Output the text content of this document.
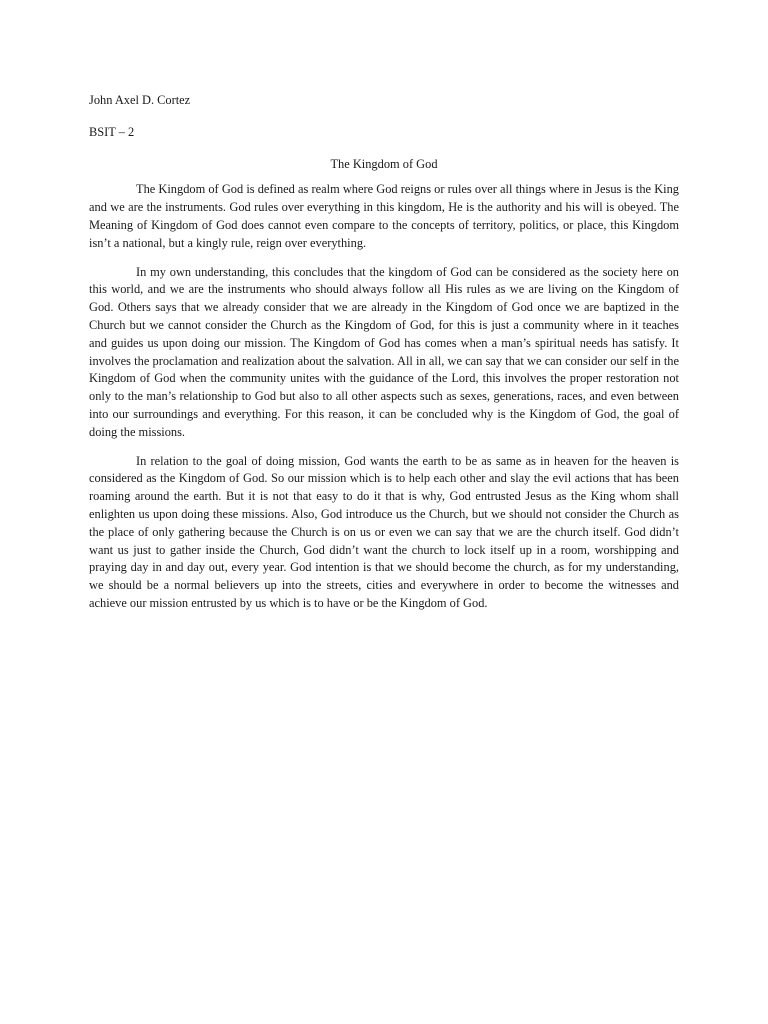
John Axel D. Cortez

BSIT – 2

The Kingdom of God

The Kingdom of God is defined as realm where God reigns or rules over all things where in Jesus is the King and we are the instruments. God rules over everything in this kingdom, He is the authority and his will is obeyed. The Meaning of Kingdom of God does cannot even compare to the concepts of territory, politics, or place, this Kingdom isn’t a national, but a kingly rule, reign over everything.

In my own understanding, this concludes that the kingdom of God can be considered as the society here on this world, and we are the instruments who should always follow all His rules as we are living on the Kingdom of God. Others says that we already consider that we are already in the Kingdom of God once we are baptized in the Church but we cannot consider the Church as the Kingdom of God, for this is just a community where in it teaches and guides us upon doing our mission. The Kingdom of God has comes when a man’s spiritual needs has satisfy. It involves the proclamation and realization about the salvation. All in all, we can say that we can consider our self in the Kingdom of God when the community unites with the guidance of the Lord, this involves the proper restoration not only to the man’s relationship to God but also to all other aspects such as sexes, generations, races, and even between into our surroundings and everything. For this reason, it can be concluded why is the Kingdom of God, the goal of doing the missions.

In relation to the goal of doing mission, God wants the earth to be as same as in heaven for the heaven is considered as the Kingdom of God. So our mission which is to help each other and slay the evil actions that has been roaming around the earth. But it is not that easy to do it that is why, God entrusted Jesus as the King whom shall enlighten us upon doing these missions. Also, God introduce us the Church, but we should not consider the Church as the place of only gathering because the Church is on us or even we can say that we are the church itself. God didn’t want us just to gather inside the Church, God didn’t want the church to lock itself up in a room, worshipping and praying day in and day out, every year. God intention is that we should become the church, as for my understanding, we should be a normal believers up into the streets, cities and everywhere in order to become the witnesses and achieve our mission entrusted by us which is to have or be the Kingdom of God.
